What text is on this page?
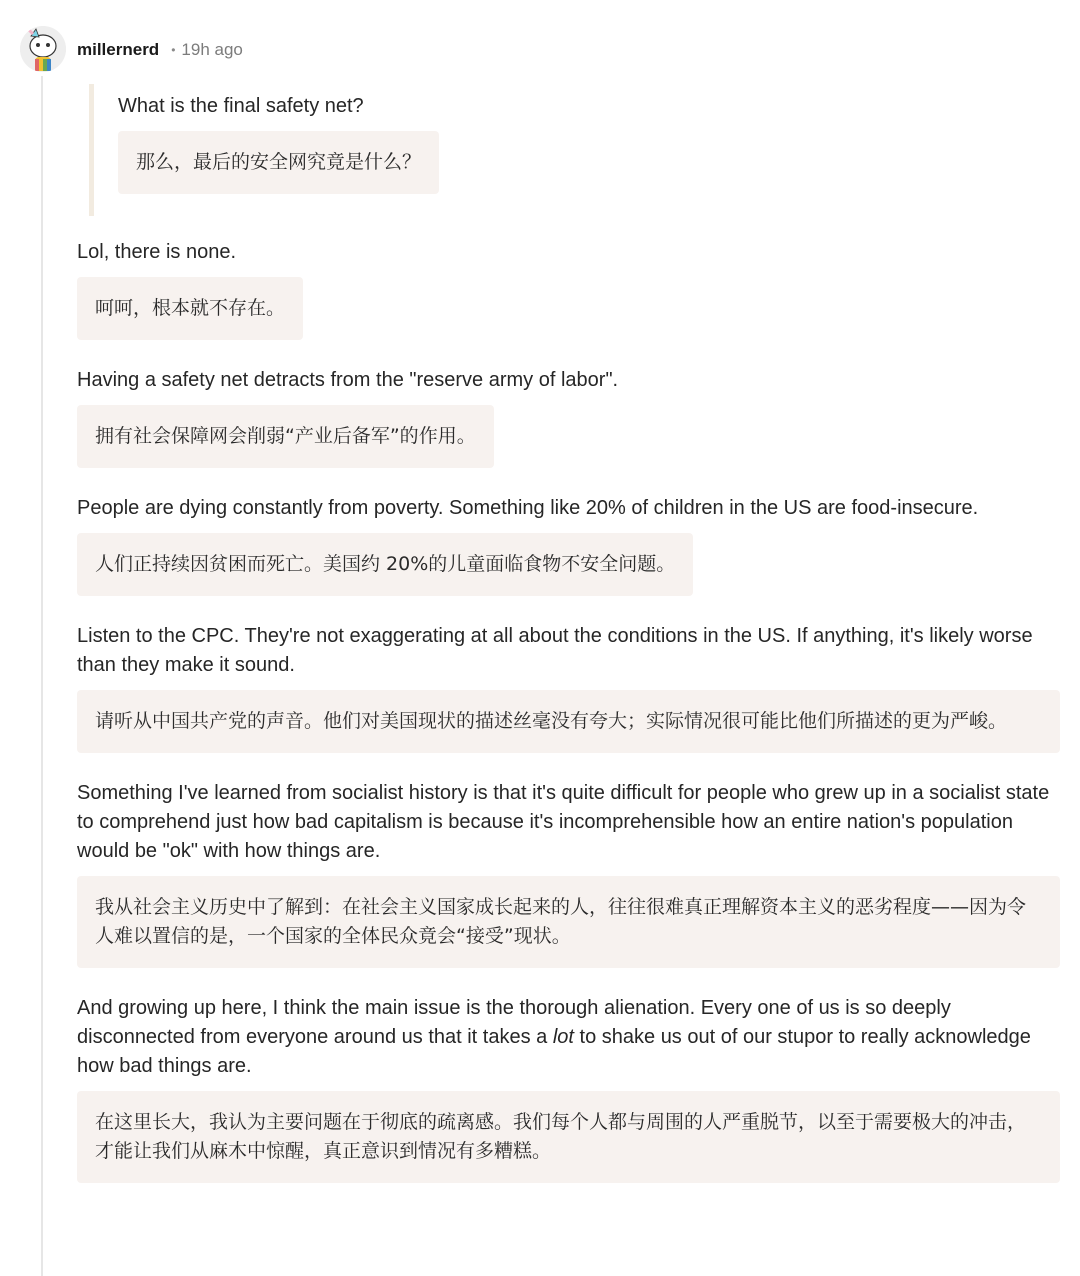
millernerd • 19h ago

What is the final safety net?

那么，最后的安全网究竟是什么？

Lol, there is none.

呵呵，根本就不存在。

Having a safety net detracts from the "reserve army of labor".

拥有社会保障网会削弱“产业后备军”的作用。

People are dying constantly from poverty. Something like 20% of children in the US are food-insecure.

人们正持续因贫困而死亡。美国约 20%的儿童面临食物不安全问题。

Listen to the CPC. They're not exaggerating at all about the conditions in the US. If anything, it's likely worse than they make it sound.

请听从中国共产党的声音。他们对美国现状的描述丝毫没有夸大；实际情况很可能比他们所描述的更为严峻。

Something I've learned from socialist history is that it's quite difficult for people who grew up in a socialist state to comprehend just how bad capitalism is because it's incomprehensible how an entire nation's population would be "ok" with how things are.

我从社会主义历史中了解到：在社会主义国家成长起来的人，往往很难真正理解资本主义的恶劣程度——因为令人难以置信的是，一个国家的全体民众竟会“接受”现状。

And growing up here, I think the main issue is the thorough alienation. Every one of us is so deeply disconnected from everyone around us that it takes a lot to shake us out of our stupor to really acknowledge how bad things are.

在这里长大，我认为主要问题在于彻底的疏离感。我们每个人都与周围的人严重脱节，以至于需要极大的冲击，才能让我们从麻木中惊醒，真正意识到情况有多糟糕。
